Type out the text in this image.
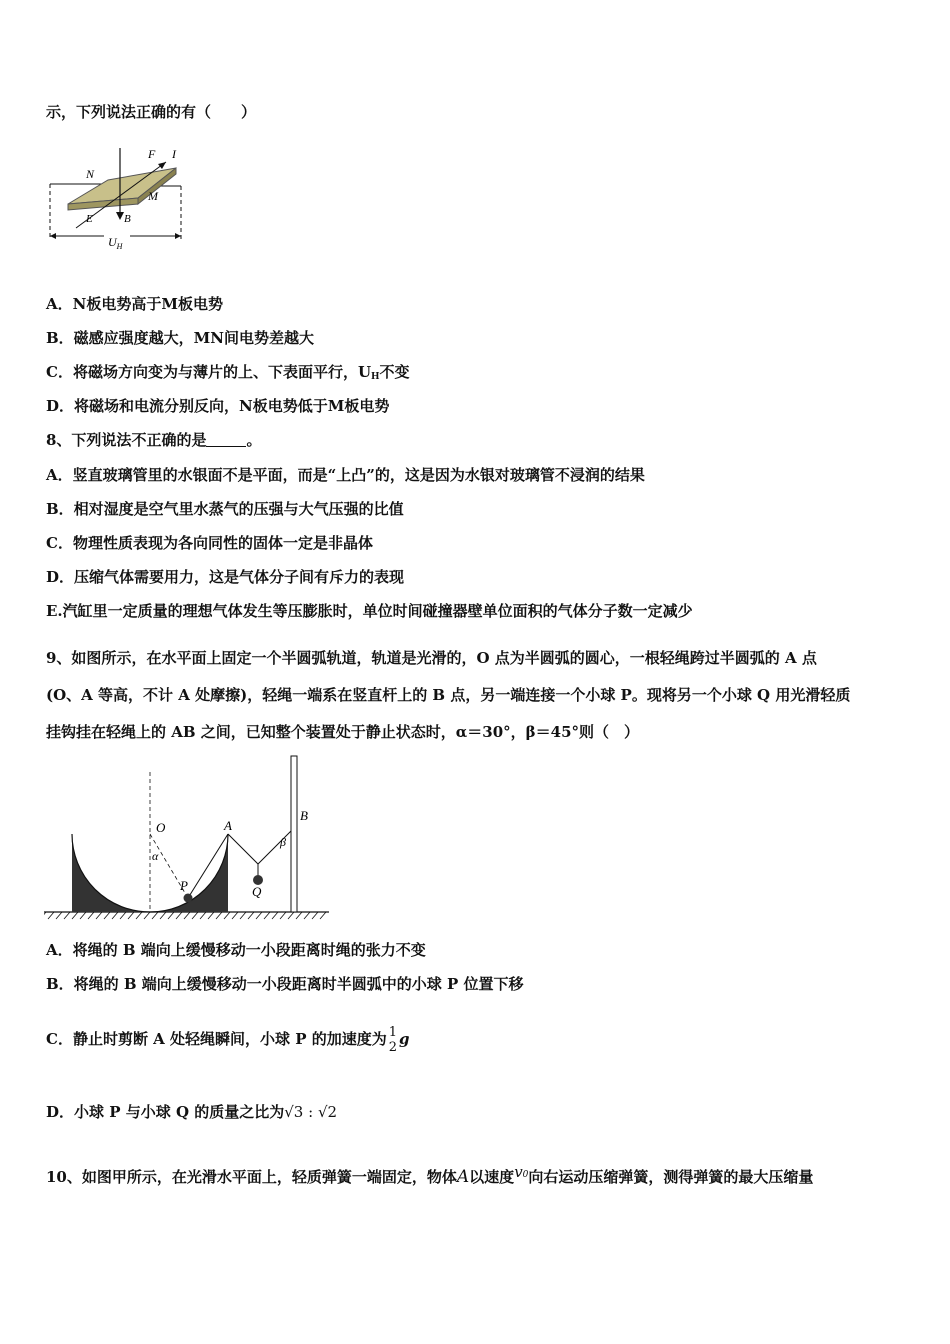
示，下列说法正确的有（　　）
N
F I
E	B
M
$U_H$
A．N板电势高于M板电势
B．磁感应强度越大，MN间电势差越大
C．将磁场方向变为与薄片的上、下表面平行，$U_H$不变
D．将磁场和电流分别反向，N板电势低于M板电势
8、下列说法不正确的是	。
A．竖直玻璃管里的水银面不是平面，而是“上凸”的，这是因为水银对玻璃管不浸润的结果
B．相对湿度是空气里水蒸气的压强与大气压强的比值
C．物理性质表现为各向同性的固体一定是非晶体
D．压缩气体需要用力，这是气体分子间有斥力的表现
E.汽缸里一定质量的理想气体发生等压膨胀时，单位时间碰撞器壁单位面积的气体分子数一定减少
9、如图所示，在水平面上固定一个半圆弧轨道，轨道是光滑的，O 点为半圆弧的圆心，一根轻绳跨过半圆弧的 A 点
(O、A 等高，不计 A 处摩擦)，轻绳一端系在竖直杆上的 B 点，另一端连接一个小球 P。现将另一个小球 Q 用光滑轻质
挂钩挂在轻绳上的 AB 之间，已知整个装置处于静止状态时，α＝30°，β＝45°则（　）
O	A
B
P	Q
α
β
A．将绳的 B 端向上缓慢移动一小段距离时绳的张力不变
B．将绳的 B 端向上缓慢移动一小段距离时半圆弧中的小球 P 位置下移
C．静止时剪断 A 处轻绳瞬间，小球 P 的加速度为 1
2 g
D．小球 P 与小球 Q 的质量之比为√3 : √2
10、如图甲所示，在光滑水平面上，轻质弹簧一端固定，物体A以速度v0向右运动压缩弹簧，测得弹簧的最大压缩量
